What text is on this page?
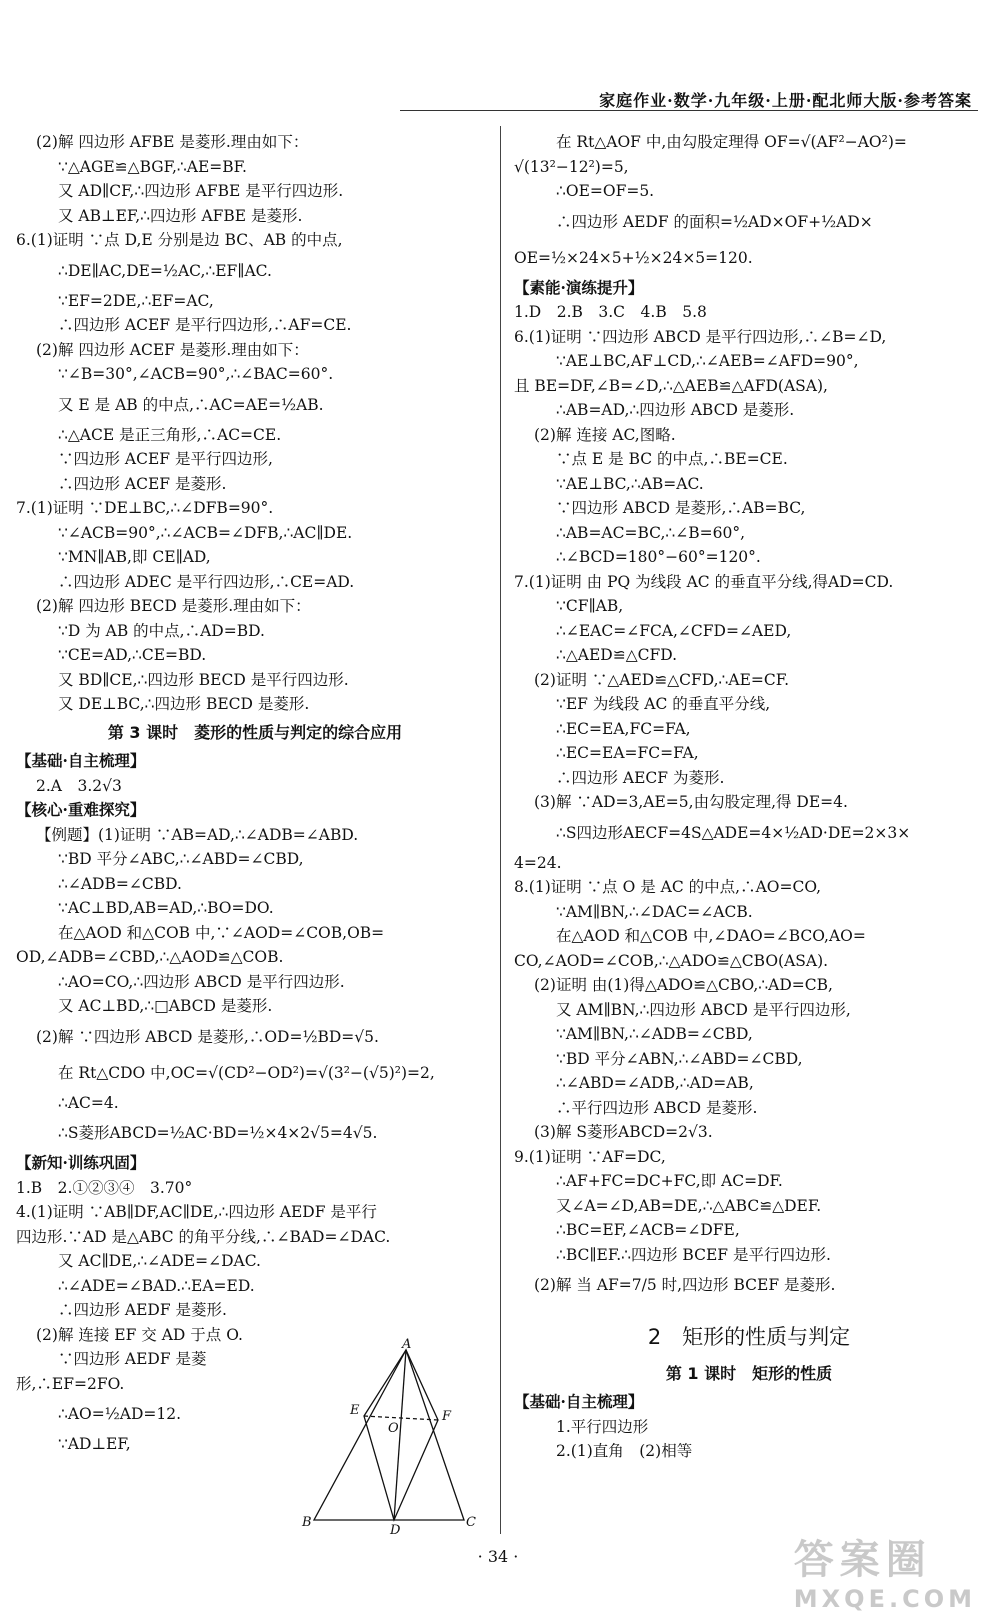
家庭作业·数学·九年级·上册·配北师大版·参考答案
(2)解 四边形 AFBE 是菱形.理由如下：
∵△AGE≌△BGF,∴AE=BF.
又 AD∥CF,∴四边形 AFBE 是平行四边形.
又 AB⊥EF,∴四边形 AFBE 是菱形.
6.(1)证明 ∵点 D,E 分别是边 BC、AB 的中点,
∴DE∥AC,DE=½AC,∴EF∥AC.
∵EF=2DE,∴EF=AC,
∴四边形 ACEF 是平行四边形,∴AF=CE.
(2)解 四边形 ACEF 是菱形.理由如下：
∵∠B=30°,∠ACB=90°,∴∠BAC=60°.
又 E 是 AB 的中点,∴AC=AE=½AB.
∴△ACE 是正三角形,∴AC=CE.
∵四边形 ACEF 是平行四边形,
∴四边形 ACEF 是菱形.
7.(1)证明 ∵DE⊥BC,∴∠DFB=90°.
∵∠ACB=90°,∴∠ACB=∠DFB,∴AC∥DE.
∵MN∥AB,即 CE∥AD,
∴四边形 ADEC 是平行四边形,∴CE=AD.
(2)解 四边形 BECD 是菱形.理由如下：
∵D 为 AB 的中点,∴AD=BD.
∵CE=AD,∴CE=BD.
又 BD∥CE,∴四边形 BECD 是平行四边形.
又 DE⊥BC,∴四边形 BECD 是菱形.
第 3 课时　菱形的性质与判定的综合应用
【基础·自主梳理】
2.A　3.2√3
【核心·重难探究】
【例题】(1)证明 ∵AB=AD,∴∠ADB=∠ABD.
∵BD 平分∠ABC,∴∠ABD=∠CBD,
∴∠ADB=∠CBD.
∵AC⊥BD,AB=AD,∴BO=DO.
在△AOD 和△COB 中,∵∠AOD=∠COB,OB=
OD,∠ADB=∠CBD,∴△AOD≌△COB.
∴AO=CO,∴四边形 ABCD 是平行四边形.
又 AC⊥BD,∴□ABCD 是菱形.
(2)解 ∵四边形 ABCD 是菱形,∴OD=½BD=√5.
在 Rt△CDO 中,OC=√(CD²−OD²)=√(3²−(√5)²)=2,
∴AC=4.
∴S菱形ABCD=½AC·BD=½×4×2√5=4√5.
【新知·训练巩固】
1.B　2.①②③④　3.70°
4.(1)证明 ∵AB∥DF,AC∥DE,∴四边形 AEDF 是平行
四边形.∵AD 是△ABC 的角平分线,∴∠BAD=∠DAC.
又 AC∥DE,∴∠ADE=∠DAC.
∴∠ADE=∠BAD.∴EA=ED.
∴四边形 AEDF 是菱形.
(2)解 连接 EF 交 AD 于点 O.
∵四边形 AEDF 是菱
形,∴EF=2FO.
∴AO=½AD=12.
∵AD⊥EF,
在 Rt△AOF 中,由勾股定理得 OF=√(AF²−AO²)=
√(13²−12²)=5,
∴OE=OF=5.
∴四边形 AEDF 的面积=½AD×OF+½AD×
OE=½×24×5+½×24×5=120.
【素能·演练提升】
1.D　2.B　3.C　4.B　5.8
6.(1)证明 ∵四边形 ABCD 是平行四边形,∴∠B=∠D,
∵AE⊥BC,AF⊥CD,∴∠AEB=∠AFD=90°,
且 BE=DF,∠B=∠D,∴△AEB≌△AFD(ASA),
∴AB=AD,∴四边形 ABCD 是菱形.
(2)解 连接 AC,图略.
∵点 E 是 BC 的中点,∴BE=CE.
∵AE⊥BC,∴AB=AC.
∵四边形 ABCD 是菱形,∴AB=BC,
∴AB=AC=BC,∴∠B=60°,
∴∠BCD=180°−60°=120°.
7.(1)证明 由 PQ 为线段 AC 的垂直平分线,得AD=CD.
∵CF∥AB,
∴∠EAC=∠FCA,∠CFD=∠AED,
∴△AED≌△CFD.
(2)证明 ∵△AED≌△CFD,∴AE=CF.
∵EF 为线段 AC 的垂直平分线,
∴EC=EA,FC=FA,
∴EC=EA=FC=FA,
∴四边形 AECF 为菱形.
(3)解 ∵AD=3,AE=5,由勾股定理,得 DE=4.
∴S四边形AECF=4S△ADE=4×½AD·DE=2×3×
4=24.
8.(1)证明 ∵点 O 是 AC 的中点,∴AO=CO,
∵AM∥BN,∴∠DAC=∠ACB.
在△AOD 和△COB 中,∠DAO=∠BCO,AO=
CO,∠AOD=∠COB,∴△ADO≌△CBO(ASA).
(2)证明 由(1)得△ADO≌△CBO,∴AD=CB,
又 AM∥BN,∴四边形 ABCD 是平行四边形,
∵AM∥BN,∴∠ADB=∠CBD,
∵BD 平分∠ABN,∴∠ABD=∠CBD,
∴∠ABD=∠ADB,∴AD=AB,
∴平行四边形 ABCD 是菱形.
(3)解 S菱形ABCD=2√3.
9.(1)证明 ∵AF=DC,
∴AF+FC=DC+FC,即 AC=DF.
又∠A=∠D,AB=DE,∴△ABC≌△DEF.
∴BC=EF,∠ACB=∠DFE,
∴BC∥EF.∴四边形 BCEF 是平行四边形.
(2)解 当 AF=7/5 时,四边形 BCEF 是菱形.
2　矩形的性质与判定
第 1 课时　矩形的性质
【基础·自主梳理】
1.平行四边形
2.(1)直角　(2)相等
A
B	C
D
E	F
O
· 34 ·	答案圈
MXQE.COM
